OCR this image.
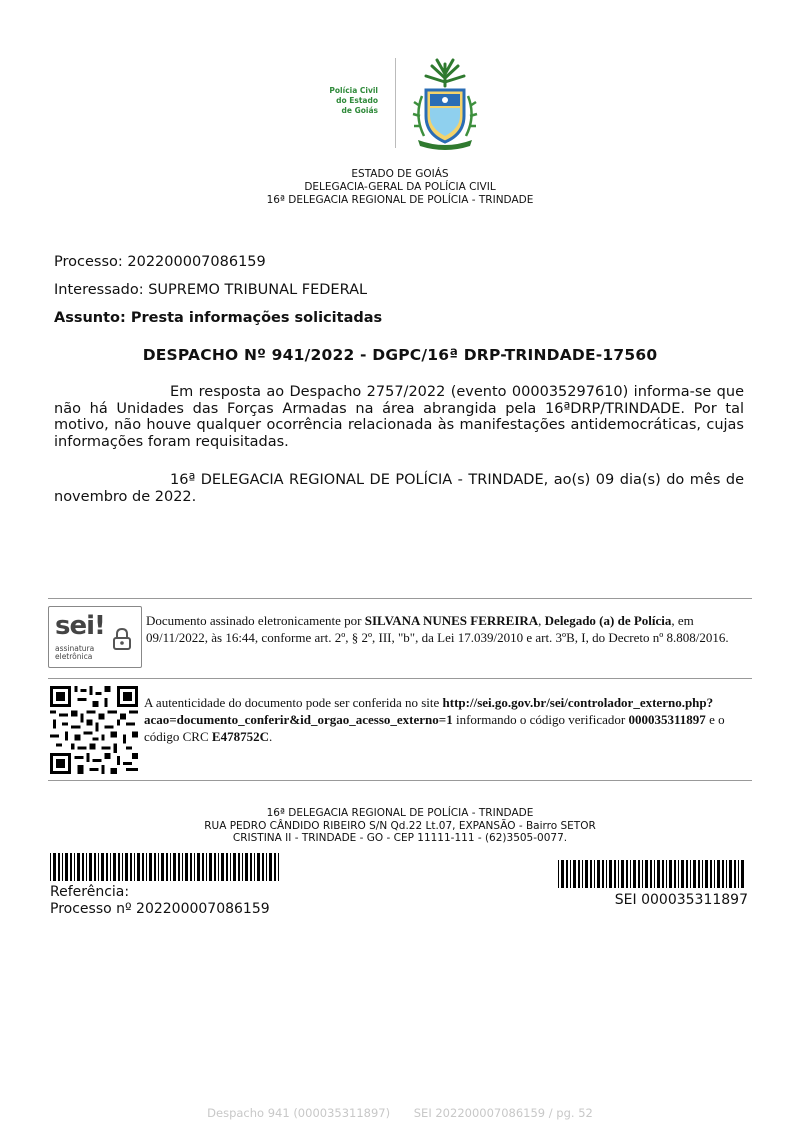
Polícia Civil
do Estado
de Goiás
ESTADO DE GOIÁS
DELEGACIA-GERAL DA POLÍCIA CIVIL
16ª DELEGACIA REGIONAL DE POLÍCIA - TRINDADE
Processo: 202200007086159
Interessado: SUPREMO TRIBUNAL FEDERAL
Assunto: Presta informações solicitadas
DESPACHO Nº 941/2022 - DGPC/16ª DRP-TRINDADE-17560

Em resposta ao Despacho 2757/2022 (evento 000035297610) informa-se que não há Unidades das Forças Armadas na área abrangida pela 16ªDRP/TRINDADE. Por tal motivo, não houve qualquer ocorrência relacionada às manifestações antidemocráticas, cujas informações foram requisitadas.

16ª DELEGACIA REGIONAL DE POLÍCIA - TRINDADE, ao(s) 09 dia(s) do mês de novembro de 2022.

sei!
assinatura
eletrônica
Documento assinado eletronicamente por SILVANA NUNES FERREIRA, Delegado (a) de Polícia, em 09/11/2022, às 16:44, conforme art. 2º, § 2º, III, "b", da Lei 17.039/2010 e art. 3ºB, I, do Decreto nº 8.808/2016.
A autenticidade do documento pode ser conferida no site http://sei.go.gov.br/sei/controlador_externo.php?acao=documento_conferir&id_orgao_acesso_externo=1 informando o código verificador 000035311897 e o código CRC E478752C.
16ª DELEGACIA REGIONAL DE POLÍCIA - TRINDADE
RUA PEDRO CÂNDIDO RIBEIRO S/N Qd.22 Lt.07, EXPANSÃO - Bairro SETOR
CRISTINA II - TRINDADE - GO - CEP 11111-111 - (62)3505-0077.
Referência:
Processo nº 202200007086159
SEI 000035311897
Despacho 941 (000035311897) SEI 202200007086159 / pg. 52
